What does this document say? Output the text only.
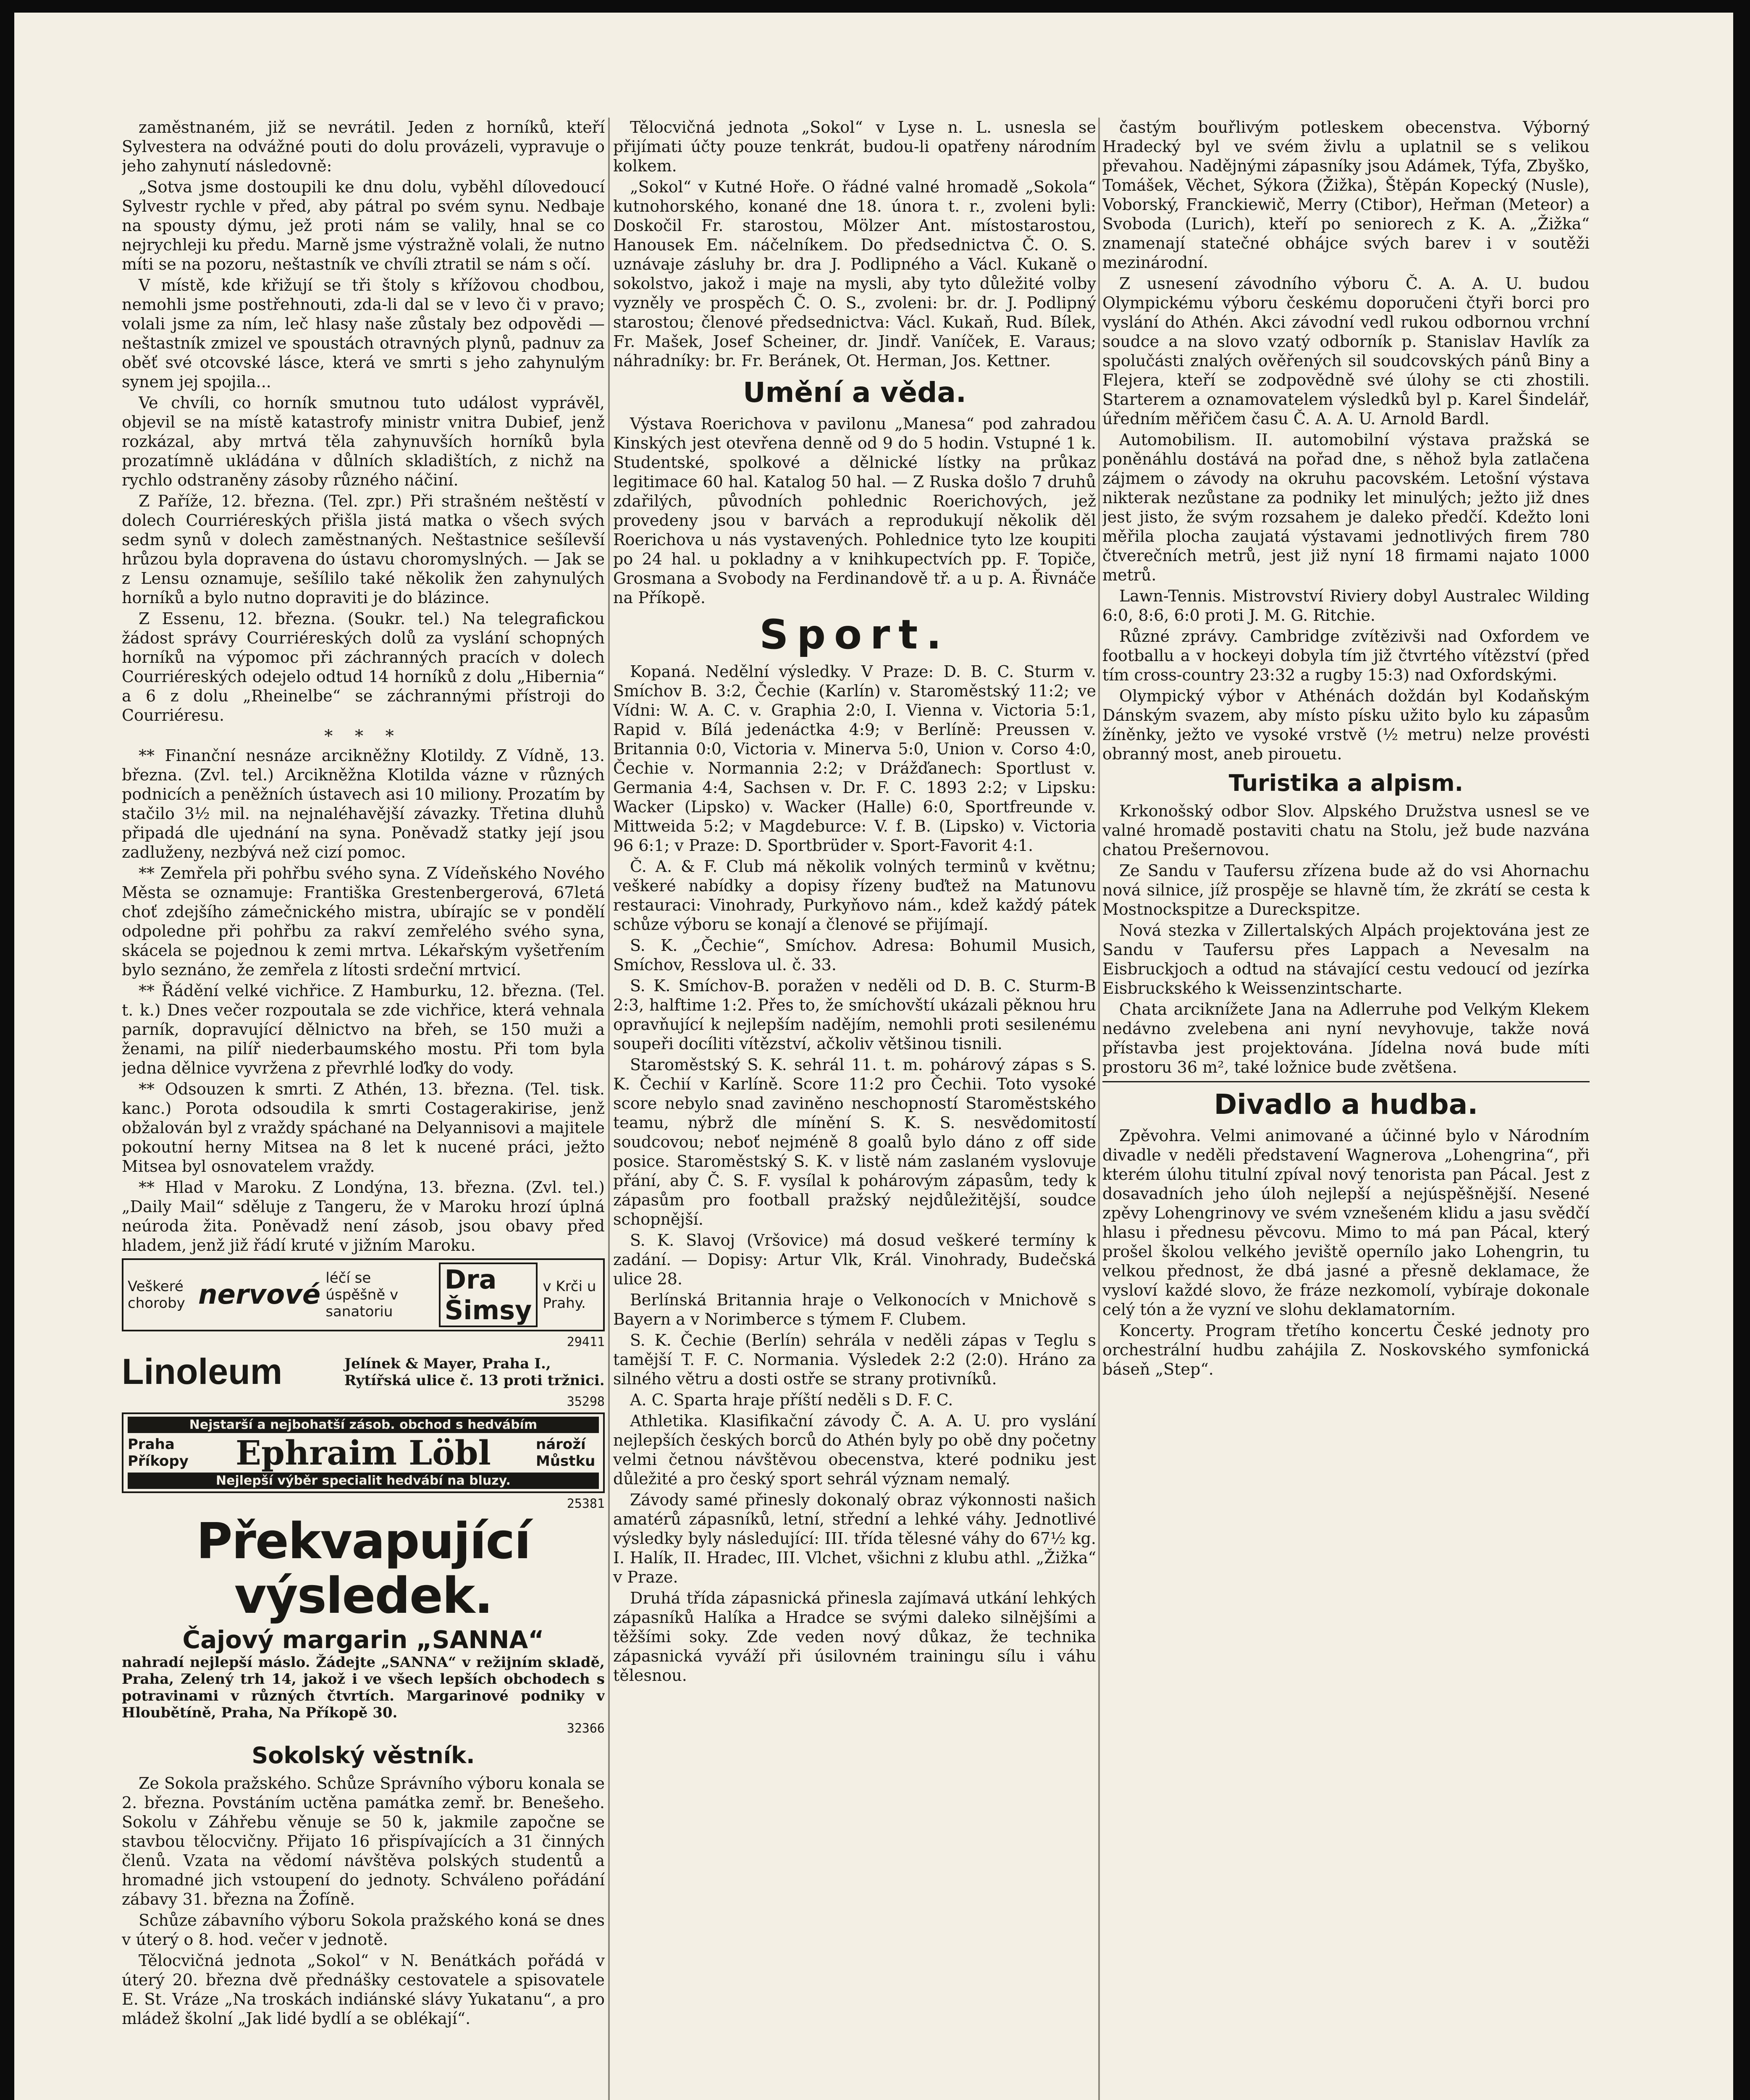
zaměstnaném, již se nevrátil. Jeden z horníků, kteří Sylvestera na odvážné pouti do dolu provázeli, vypravuje o jeho zahynutí následovně:

„Sotva jsme dostoupili ke dnu dolu, vyběhl dílovedoucí Sylvestr rychle v před, aby pátral po svém synu. Nedbaje na spousty dýmu, jež proti nám se valily, hnal se co nejrychleji ku předu. Marně jsme výstražně volali, že nutno míti se na pozoru, neštastník ve chvíli ztratil se nám s očí.

V místě, kde křižují se tři štoly s křížovou chodbou, nemohli jsme postřehnouti, zda-li dal se v levo či v pravo; volali jsme za ním, leč hlasy naše zůstaly bez odpovědi — neštastník zmizel ve spoustách otravných plynů, padnuv za oběť své otcovské lásce, která ve smrti s jeho zahynulým synem jej spojila...

Ve chvíli, co horník smutnou tuto událost vyprávěl, objevil se na místě katastrofy ministr vnitra Dubief, jenž rozkázal, aby mrtvá těla zahynuvších horníků byla prozatímně ukládána v důlních skladištích, z nichž na rychlo odstraněny zásoby různého náčiní.

Z Paříže, 12. března. (Tel. zpr.) Při strašném neštěstí v dolech Courriéreských přišla jistá matka o všech svých sedm synů v dolech zaměstnaných. Neštastnice sešílevší hrůzou byla dopravena do ústavu choromyslných. — Jak se z Lensu oznamuje, sešílilo také několik žen zahynulých horníků a bylo nutno dopraviti je do blázince.

Z Essenu, 12. března. (Soukr. tel.) Na telegrafickou žádost správy Courriéreských dolů za vyslání schopných horníků na výpomoc při záchranných pracích v dolech Courriéreských odejelo odtud 14 horníků z dolu „Hibernia“ a 6 z dolu „Rheinelbe“ se záchrannými přístroji do Courriéresu.

* * *

** Finanční nesnáze arcikněžny Klotildy. Z Vídně, 13. března. (Zvl. tel.) Arcikněžna Klotilda vázne v různých podnicích a peněžních ústavech asi 10 miliony. Prozatím by stačilo 3½ mil. na nejnaléhavější závazky. Třetina dluhů připadá dle ujednání na syna. Poněvadž statky její jsou zadluženy, nezbývá než cizí pomoc.

** Zemřela při pohřbu svého syna. Z Vídeňského Nového Města se oznamuje: Františka Grestenbergerová, 67letá choť zdejšího zámečnického mistra, ubírajíc se v pondělí odpoledne při pohřbu za rakví zemřelého svého syna, skácela se pojednou k zemi mrtva. Lékařským vyšetřením bylo seznáno, že zemřela z lítosti srdeční mrtvicí.

** Řádění velké vichřice. Z Hamburku, 12. března. (Tel. t. k.) Dnes večer rozpoutala se zde vichřice, která vehnala parník, dopravující dělnictvo na břeh, se 150 muži a ženami, na pilíř niederbaumského mostu. Při tom byla jedna dělnice vyvržena z převrhlé loďky do vody.

** Odsouzen k smrti. Z Athén, 13. března. (Tel. tisk. kanc.) Porota odsoudila k smrti Costagerakirise, jenž obžalován byl z vraždy spáchané na Delyannisovi a majitele pokoutní herny Mitsea na 8 let k nucené práci, ježto Mitsea byl osnovatelem vraždy.

** Hlad v Maroku. Z Londýna, 13. března. (Zvl. tel.) „Daily Mail“ sděluje z Tangeru, že v Maroku hrozí úplná neúroda žita. Poněvadž není zásob, jsou obavy před hladem, jenž již řádí kruté v jižním Maroku.

Veškeré choroby nervové
léčí se úspěšně v sanatoriu
Dra Šimsy
v Krči u Prahy.
29411
Linoleum	Jelínek & Mayer, Praha I., Rytířská ulice č. 13 proti tržnici.
35298
Nejstarší a nejbohatší zásob. obchod s hedvábím
Praha Příkopy Ephraim Löbl	nároží Můstku
Nejlepší výběr specialit hedvábí na bluzy.
25381
Překvapující výsledek.
Čajový margarin „SANNA“
nahradí nejlepší máslo. Žádejte „SANNA“ v režijním skladě, Praha, Zelený trh 14, jakož i ve všech lepších obchodech s potravinami v různých čtvrtích. Margarinové podniky v Hloubětíně, Praha, Na Příkopě 30.
32366
Sokolský věstník.

Ze Sokola pražského. Schůze Správního výboru konala se 2. března. Povstáním uctěna památka zemř. br. Benešeho. Sokolu v Záhřebu věnuje se 50 k, jakmile započne se stavbou tělocvičny. Přijato 16 přispívajících a 31 činných členů. Vzata na vědomí návštěva polských studentů a hromadné jich vstoupení do jednoty. Schváleno pořádání zábavy 31. března na Žofíně.

Schůze zábavního výboru Sokola pražského koná se dnes v úterý o 8. hod. večer v jednotě.

Tělocvičná jednota „Sokol“ v N. Benátkách pořádá v úterý 20. března dvě přednášky cestovatele a spisovatele E. St. Vráze „Na troskách indiánské slávy Yukatanu“, a pro mládež školní „Jak lidé bydlí a se oblékají“.

Tělocvičná jednota „Sokol“ v Lyse n. L. usnesla se přijímati účty pouze tenkrát, budou-li opatřeny národním kolkem.

„Sokol“ v Kutné Hoře. O řádné valné hromadě „Sokola“ kutnohorského, konané dne 18. února t. r., zvoleni byli: Doskočil Fr. starostou, Mölzer Ant. místostarostou, Hanousek Em. náčelníkem. Do předsednictva Č. O. S. uznávaje zásluhy br. dra J. Podlipného a Václ. Kukaně o sokolstvo, jakož i maje na mysli, aby tyto důležité volby vyzněly ve prospěch Č. O. S., zvoleni: br. dr. J. Podlipný starostou; členové předsednictva: Václ. Kukaň, Rud. Bílek, Fr. Mašek, Josef Scheiner, dr. Jindř. Vaníček, E. Varaus; náhradníky: br. Fr. Beránek, Ot. Herman, Jos. Kettner.

Umění a věda.

Výstava Roerichova v pavilonu „Manesa“ pod zahradou Kinských jest otevřena denně od 9 do 5 hodin. Vstupné 1 k. Studentské, spolkové a dělnické lístky na průkaz legitimace 60 hal. Katalog 50 hal. — Z Ruska došlo 7 druhů zdařilých, původních pohlednic Roerichových, jež provedeny jsou v barvách a reprodukují několik děl Roerichova u nás vystavených. Pohlednice tyto lze koupiti po 24 hal. u pokladny a v knihkupectvích pp. F. Topiče, Grosmana a Svobody na Ferdinandově tř. a u p. A. Řivnáče na Příkopě.

Sport.

Kopaná. Nedělní výsledky. V Praze: D. B. C. Sturm v. Smíchov B. 3:2, Čechie (Karlín) v. Staroměstský 11:2; ve Vídni: W. A. C. v. Graphia 2:0, I. Vienna v. Victoria 5:1, Rapid v. Bílá jedenáctka 4:9; v Berlíně: Preussen v. Britannia 0:0, Victoria v. Minerva 5:0, Union v. Corso 4:0, Čechie v. Normannia 2:2; v Drážďanech: Sportlust v. Germania 4:4, Sachsen v. Dr. F. C. 1893 2:2; v Lipsku: Wacker (Lipsko) v. Wacker (Halle) 6:0, Sportfreunde v. Mittweida 5:2; v Magdeburce: V. f. B. (Lipsko) v. Victoria 96 6:1; v Praze: D. Sportbrüder v. Sport-Favorit 4:1.

Č. A. & F. Club má několik volných terminů v květnu; veškeré nabídky a dopisy řízeny buďtež na Matunovu restauraci: Vinohrady, Purkyňovo nám., kdež každý pátek schůze výboru se konají a členové se přijímají.

S. K. „Čechie“, Smíchov. Adresa: Bohumil Musich, Smíchov, Resslova ul. č. 33.

S. K. Smíchov-B. poražen v neděli od D. B. C. Sturm-B 2:3, halftime 1:2. Přes to, že smíchovští ukázali pěknou hru opravňující k nejlepším nadějím, nemohli proti sesilenému soupeři docíliti vítězství, ačkoliv většinou tisnili.

Staroměstský S. K. sehrál 11. t. m. pohárový zápas s S. K. Čechií v Karlíně. Score 11:2 pro Čechii. Toto vysoké score nebylo snad zaviněno neschopností Staroměstského teamu, nýbrž dle mínění S. K. S. nesvědomitostí soudcovou; neboť nejméně 8 goalů bylo dáno z off side posice. Staroměstský S. K. v listě nám zaslaném vyslovuje přání, aby Č. S. F. vysílal k pohárovým zápasům, tedy k zápasům pro football pražský nejdůležitější, soudce schopnější.

S. K. Slavoj (Vršovice) má dosud veškeré termíny k zadání. — Dopisy: Artur Vlk, Král. Vinohrady, Budečská ulice 28.

Berlínská Britannia hraje o Velkonocích v Mnichově s Bayern a v Norimberce s týmem F. Clubem.

S. K. Čechie (Berlín) sehrála v neděli zápas v Teglu s tamější T. F. C. Normania. Výsledek 2:2 (2:0). Hráno za silného větru a dosti ostře se strany protivníků.

A. C. Sparta hraje příští neděli s D. F. C.

Athletika. Klasifikační závody Č. A. A. U. pro vyslání nejlepších českých borců do Athén byly po obě dny početny velmi četnou návštěvou obecenstva, které podniku jest důležité a pro český sport sehrál význam nemalý.

Závody samé přinesly dokonalý obraz výkonnosti našich amatérů zápasníků, letní, střední a lehké váhy. Jednotlivé výsledky byly následující: III. třída tělesné váhy do 67½ kg. I. Halík, II. Hradec, III. Vlchet, všichni z klubu athl. „Žižka“ v Praze.

Druhá třída zápasnická přinesla zajímavá utkání lehkých zápasníků Halíka a Hradce se svými daleko silnějšími a těžšími soky. Zde veden nový důkaz, že technika zápasnická vyváží při úsilovném trainingu sílu i váhu tělesnou.

častým bouřlivým potleskem obecenstva. Výborný Hradecký byl ve svém živlu a uplatnil se s velikou převahou. Nadějnými zápasníky jsou Adámek, Týfa, Zbyško, Tomášek, Věchet, Sýkora (Žižka), Štěpán Kopecký (Nusle), Voborský, Franckiewič, Merry (Ctibor), Heřman (Meteor) a Svoboda (Lurich), kteří po seniorech z K. A. „Žižka“ znamenají statečné obhájce svých barev i v soutěži mezinárodní.

Z usnesení závodního výboru Č. A. A. U. budou Olympickému výboru českému doporučeni čtyři borci pro vyslání do Athén. Akci závodní vedl rukou odbornou vrchní soudce a na slovo vzatý odborník p. Stanislav Havlík za spolučásti znalých ověřených sil soudcovských pánů Biny a Flejera, kteří se zodpovědně své úlohy se cti zhostili. Starterem a oznamovatelem výsledků byl p. Karel Šindelář, úředním měřičem času Č. A. A. U. Arnold Bardl.

Automobilism. II. automobilní výstava pražská se poněnáhlu dostává na pořad dne, s něhož byla zatlačena zájmem o závody na okruhu pacovském. Letošní výstava nikterak nezůstane za podniky let minulých; ježto již dnes jest jisto, že svým rozsahem je daleko předčí. Kdežto loni měřila plocha zaujatá výstavami jednotlivých firem 780 čtverečních metrů, jest již nyní 18 firmami najato 1000 metrů.

Lawn-Tennis. Mistrovství Riviery dobyl Australec Wilding 6:0, 8:6, 6:0 proti J. M. G. Ritchie.

Různé zprávy. Cambridge zvítězivši nad Oxfordem ve footballu a v hockeyi dobyla tím již čtvrtého vítězství (před tím cross-country 23:32 a rugby 15:3) nad Oxfordskými.

Olympický výbor v Athénách doždán byl Kodaňským Dánským svazem, aby místo písku užito bylo ku zápasům žíněnky, ježto ve vysoké vrstvě (½ metru) nelze provésti obranný most, aneb pirouetu.

Turistika a alpism.

Krkonošský odbor Slov. Alpského Družstva usnesl se ve valné hromadě postaviti chatu na Stolu, jež bude nazvána chatou Prešernovou.

Ze Sandu v Taufersu zřízena bude až do vsi Ahornachu nová silnice, jíž prospěje se hlavně tím, že zkrátí se cesta k Mostnockspitze a Dureckspitze.

Nová stezka v Zillertalských Alpách projektována jest ze Sandu v Taufersu přes Lappach a Nevesalm na Eisbruckjoch a odtud na stávající cestu vedoucí od jezírka Eisbruckského k Weissenzintscharte.

Chata arciknížete Jana na Adlerruhe pod Velkým Klekem nedávno zvelebena ani nyní nevyhovuje, takže nová přístavba jest projektována. Jídelna nová bude míti prostoru 36 m², také ložnice bude zvětšena.

Divadlo a hudba.

Zpěvohra. Velmi animované a účinné bylo v Národním divadle v neděli představení Wagnerova „Lohengrina“, při kterém úlohu titulní zpíval nový tenorista pan Pácal. Jest z dosavadních jeho úloh nejlepší a nejúspěšnější. Nesené zpěvy Lohengrinovy ve svém vznešeném klidu a jasu svědčí hlasu i přednesu pěvcovu. Mimo to má pan Pácal, který prošel školou velkého jeviště opernílo jako Lohengrin, tu velkou přednost, že dbá jasné a přesně deklamace, že vysloví každé slovo, že fráze nezkomolí, vybíraje dokonale celý tón a že vyzní ve slohu deklamatorním.

Koncerty. Program třetího koncertu České jednoty pro orchestrální hudbu zahájila Z. Noskovského symfonická báseň „Step“.
